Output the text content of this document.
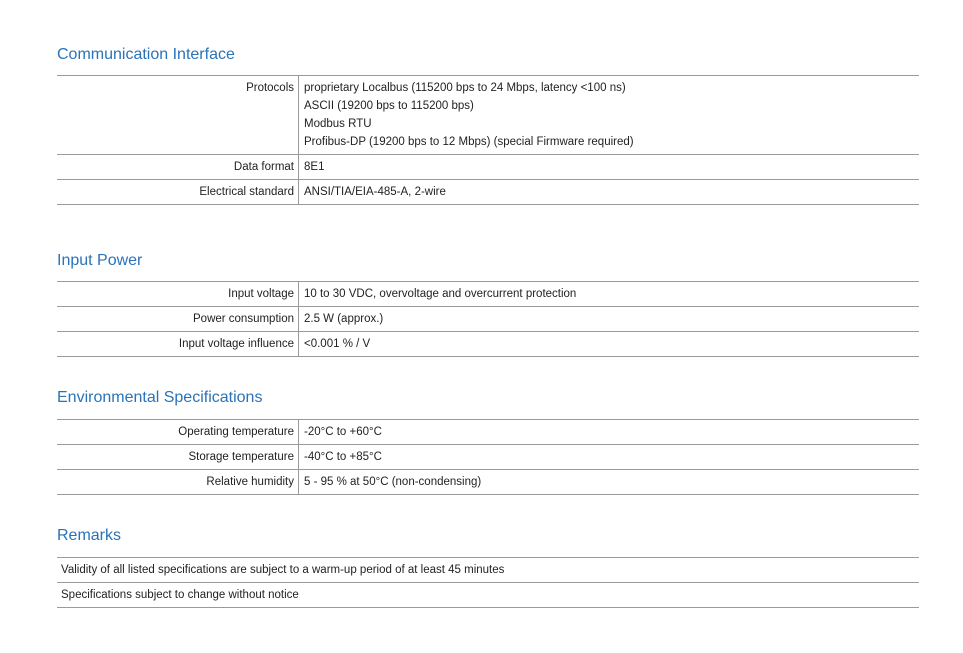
Communication Interface
Protocols	proprietary Localbus (115200 bps to 24 Mbps, latency <100 ns)
ASCII (19200 bps to 115200 bps)
Modbus RTU
Profibus-DP (19200 bps to 12 Mbps) (special Firmware required)

Data format	8E1
Electrical standard	ANSI/TIA/EIA-485-A, 2-wire
Input Power
Input voltage	10 to 30 VDC, overvoltage and overcurrent protection
Power consumption	2.5 W (approx.)
Input voltage influence	<0.001 % / V
Environmental Specifications
Operating temperature	-20°C to +60°C
Storage temperature	-40°C to +85°C
Relative humidity	5 - 95 % at 50°C (non-condensing)
Remarks
Validity of all listed specifications are subject to a warm-up period of at least 45 minutes
Specifications subject to change without notice
